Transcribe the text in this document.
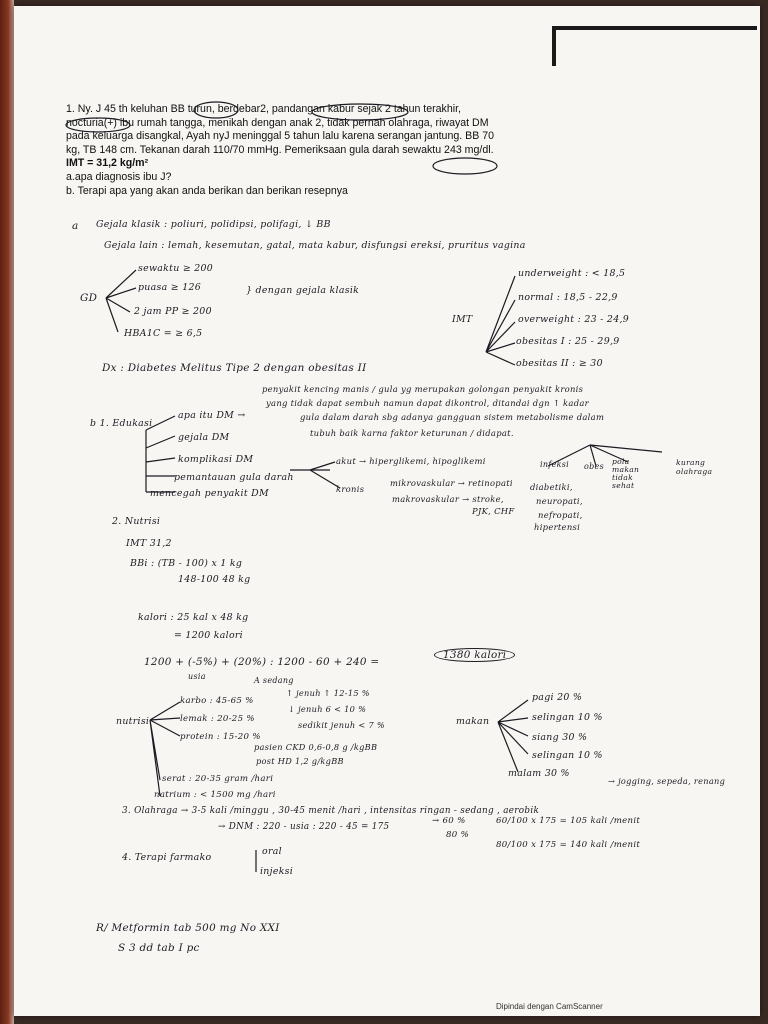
1. Ny. J 45 th keluhan BB turun, berdebar2, pandangan kabur sejak 2 tahun terakhir,

nocturia(+) ibu rumah tangga, menikah dengan anak 2, tidak pernah olahraga, riwayat DM

pada keluarga disangkal, Ayah nyJ meninggal 5 tahun lalu karena serangan jantung. BB 70

kg, TB 148 cm. Tekanan darah 110/70 mmHg. Pemeriksaan gula darah sewaktu 243 mg/dl.

IMT = 31,2 kg/m²

a.apa diagnosis ibu J?

b. Terapi apa yang akan anda berikan dan berikan resepnya

a Gejala klasik : poliuri, polidipsi, polifagi, ↓ BB
Gejala lain : lemah, kesemutan, gatal, mata kabur, disfungsi ereksi, pruritus vagina
GD
sewaktu ≥ 200
puasa ≥ 126
2 jam PP ≥ 200
HBA1C = ≥ 6,5
} dengan gejala klasik
IMT
underweight : < 18,5
normal : 18,5 - 22,9
overweight : 23 - 24,9
obesitas I : 25 - 29,9
obesitas II : ≥ 30
Dx : Diabetes Melitus Tipe 2 dengan obesitas II
b 1. Edukasi
apa itu DM →
gejala DM
komplikasi DM
pemantauan gula darah
mencegah penyakit DM
penyakit kencing manis / gula yg merupakan golongan penyakit kronis
yang tidak dapat sembuh namun dapat dikontrol, ditandai dgn ↑ kadar
gula dalam darah sbg adanya gangguan sistem metabolisme dalam
tubuh baik karna faktor keturunan / didapat.
akut → hiperglikemi, hipoglikemi
kronis
mikrovaskular → retinopati
makrovaskular → stroke,
PJK, CHF
infeksi obes
pola makan tidak sehat
kurang olahraga
diabetiki,
neuropati,
nefropati,
hipertensi
2. Nutrisi
IMT 31,2
BBi : (TB - 100) x 1 kg
148-100 48 kg
kalori : 25 kal x 48 kg
= 1200 kalori
1200 + (-5%) + (20%) : 1200 - 60 + 240 =
usia	A sedang
1380 kalori
nutrisi
karbo : 45-65 %
lemak : 20-25 %
protein : 15-20 %
↑ jenuh ↑ 12-15 %
↓ jenuh 6 < 10 %
sedikit jenuh < 7 %
pasien CKD 0,6-0,8 g /kgBB
post HD 1,2 g/kgBB
serat : 20-35 gram /hari
natrium : < 1500 mg /hari
makan
pagi 20 %
selingan 10 %
siang 30 %
selingan 10 %
malam 30 %
→ jogging, sepeda, renang
3. Olahraga → 3-5 kali /minggu , 30-45 menit /hari , intensitas ringan - sedang , aerobik
→ DNM : 220 - usia : 220 - 45 = 175
→ 60 %
80 %
60/100 x 175 = 105 kali /menit
80/100 x 175 = 140 kali /menit
4. Terapi farmako
oral
injeksi
R/ Metformin tab 500 mg No XXI
S 3 dd tab I pc
Dipindai dengan CamScanner
